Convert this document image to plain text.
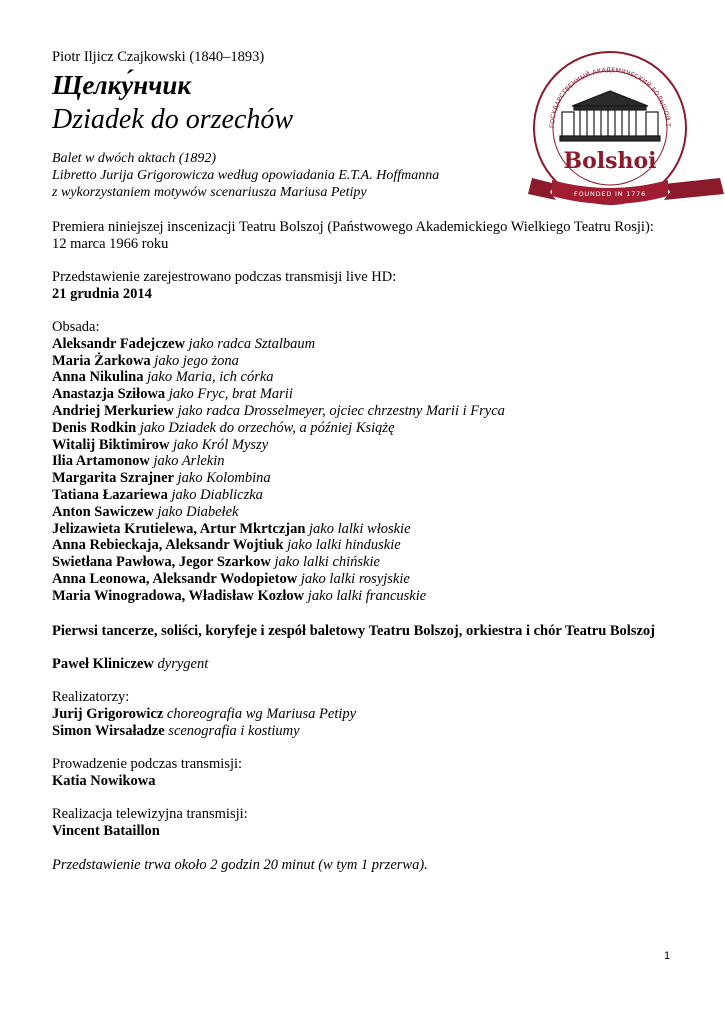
Piotr Iljicz Czajkowski (1840–1893)
Щелку́нчик
Dziadek do orzechów
Balet w dwóch aktach (1892)
Libretto Jurija Grigorowicza według opowiadania E.T.A. Hoffmanna
z wykorzystaniem motywów scenariusza Mariusa Petipy
Premiera niniejszej inscenizacji Teatru Bolszoj (Państwowego Akademickiego Wielkiego Teatru Rosji):
12 marca 1966 roku
Przedstawienie zarejestrowano podczas transmisji live HD:
21 grudnia 2014
Obsada:
Aleksandr Fadejczew jako radca Sztalbaum
Maria Żarkowa jako jego żona
Anna Nikulina jako Maria, ich córka
Anastazja Sziłowa jako Fryc, brat Marii
Andriej Merkuriew jako radca Drosselmeyer, ojciec chrzestny Marii i Fryca
Denis Rodkin jako Dziadek do orzechów, a później Książę
Witalij Biktimirow jako Król Myszy
Ilia Artamonow jako Arlekin
Margarita Szrajner jako Kolombina
Tatiana Łazariewa jako Diabliczka
Anton Sawiczew jako Diabełek
Jelizawieta Krutielewa, Artur Mkrtczjan jako lalki włoskie
Anna Rebieckaja, Aleksandr Wojtiuk jako lalki hinduskie
Swietłana Pawłowa, Jegor Szarkow jako lalki chińskie
Anna Leonowa, Aleksandr Wodopietow jako lalki rosyjskie
Maria Winogradowa, Władisław Kozłow jako lalki francuskie
Pierwsi tancerze, soliści, koryfeje i zespół baletowy Teatru Bolszoj, orkiestra i chór Teatru Bolszoj
Paweł Kliniczew dyrygent
Realizatorzy:
Jurij Grigorowicz choreografia wg Mariusa Petipy
Simon Wirsaładze scenografia i kostiumy
Prowadzenie podczas transmisji:
Katia Nowikowa
Realizacja telewizyjna transmisji:
Vincent Bataillon
Przedstawienie trwa około 2 godzin 20 minut (w tym 1 przerwa).
ГОСУДАРСТВЕННЫЙ АКАДЕМИЧЕСКИЙ БОЛЬШОЙ Т
Bolshoi
FOUNDED IN 1776
1
